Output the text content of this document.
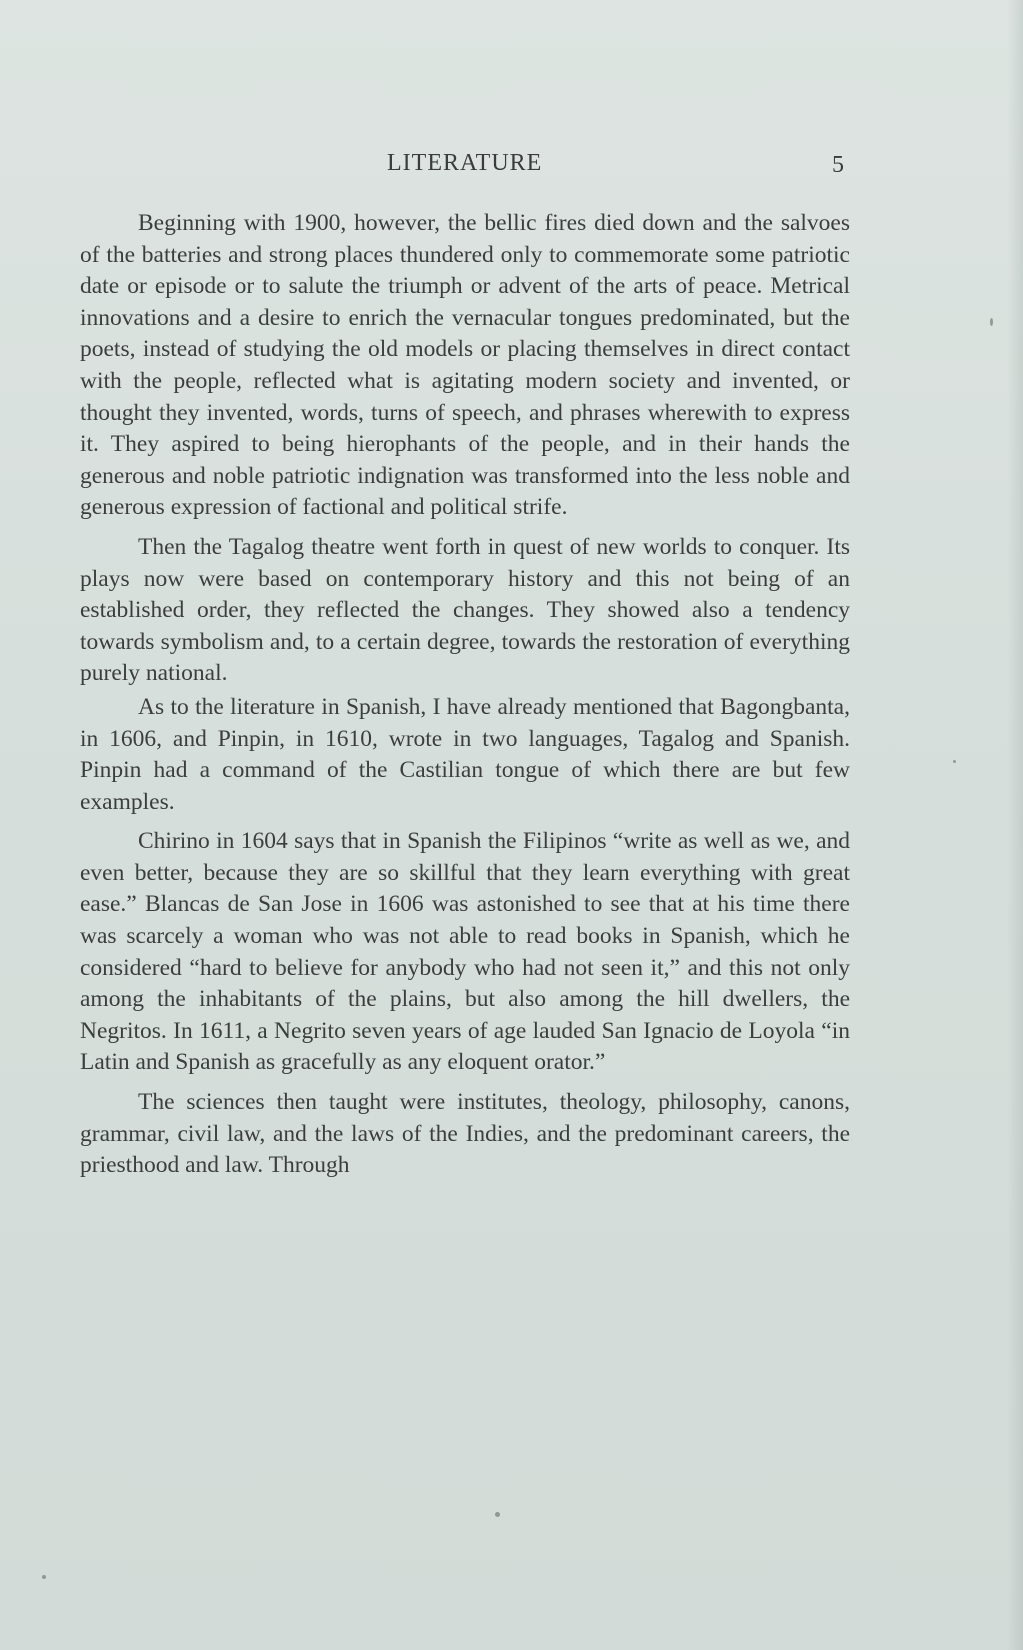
LITERATURE	5

Beginning with 1900, however, the bellic fires died down and the salvoes of the batteries and strong places thundered only to commemorate some patriotic date or episode or to salute the triumph or advent of the arts of peace. Metrical innovations and a desire to enrich the vernacular tongues predominated, but the poets, instead of studying the old models or placing themselves in direct contact with the people, reflected what is agitating modern society and invented, or thought they invented, words, turns of speech, and phrases wherewith to express it. They aspired to being hierophants of the people, and in their hands the generous and noble patriotic indignation was transformed into the less noble and generous expression of factional and political strife.

Then the Tagalog theatre went forth in quest of new worlds to conquer. Its plays now were based on contemporary history and this not being of an established order, they reflected the changes. They showed also a tendency towards symbolism and, to a certain degree, towards the restoration of everything purely national.

As to the literature in Spanish, I have already mentioned that Bagongbanta, in 1606, and Pinpin, in 1610, wrote in two languages, Tagalog and Spanish. Pinpin had a command of the Castilian tongue of which there are but few examples.

Chirino in 1604 says that in Spanish the Filipinos “write as well as we, and even better, because they are so skillful that they learn everything with great ease.” Blancas de San Jose in 1606 was astonished to see that at his time there was scarcely a woman who was not able to read books in Spanish, which he considered “hard to believe for anybody who had not seen it,” and this not only among the inhabitants of the plains, but also among the hill dwellers, the Negritos. In 1611, a Negrito seven years of age lauded San Ignacio de Loyola “in Latin and Spanish as gracefully as any eloquent orator.”

The sciences then taught were institutes, theology, philosophy, canons, grammar, civil law, and the laws of the Indies, and the predominant careers, the priesthood and law. Through
